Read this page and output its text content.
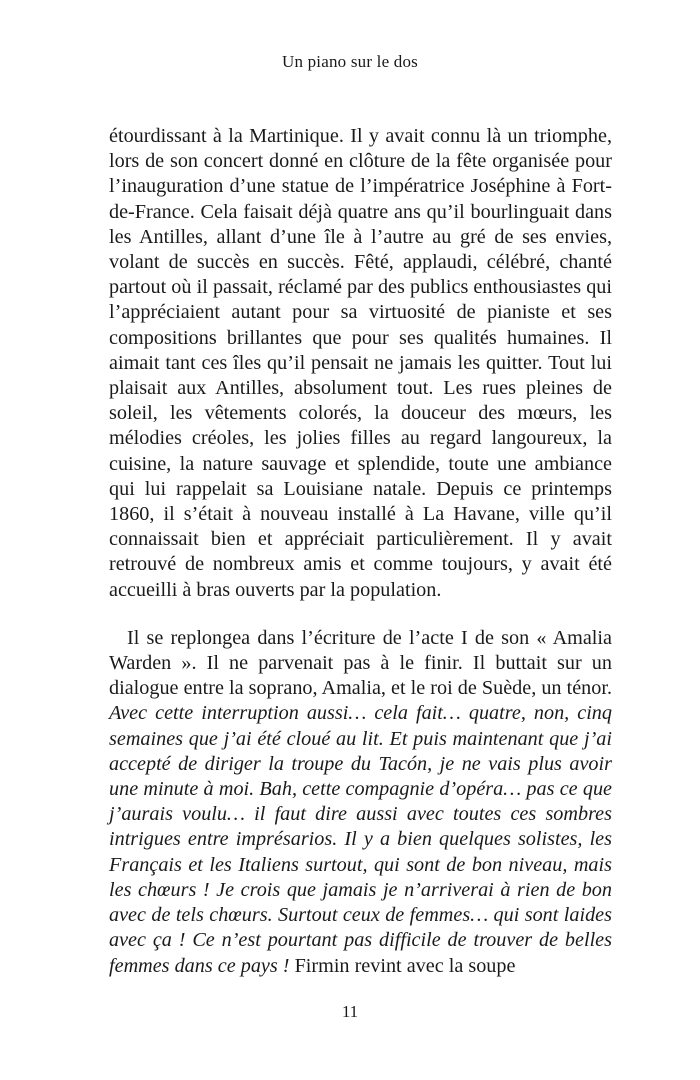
Un piano sur le dos

étourdissant à la Martinique. Il y avait connu là un triomphe, lors de son concert donné en clôture de la fête organisée pour l’inauguration d’une statue de l’impératrice Joséphine à Fort-de-France. Cela faisait déjà quatre ans qu’il bourlinguait dans les Antilles, allant d’une île à l’autre au gré de ses envies, volant de succès en succès. Fêté, applaudi, célébré, chanté partout où il passait, réclamé par des publics enthousiastes qui l’appréciaient autant pour sa virtuosité de pianiste et ses compositions brillantes que pour ses qualités humaines. Il aimait tant ces îles qu’il pensait ne jamais les quitter. Tout lui plaisait aux Antilles, absolument tout. Les rues pleines de soleil, les vêtements colorés, la douceur des mœurs, les mélodies créoles, les jolies filles au regard langoureux, la cuisine, la nature sauvage et splendide, toute une ambiance qui lui rappelait sa Louisiane natale. Depuis ce printemps 1860, il s’était à nouveau installé à La Havane, ville qu’il connaissait bien et appréciait particulièrement. Il y avait retrouvé de nombreux amis et comme toujours, y avait été accueilli à bras ouverts par la population.

Il se replongea dans l’écriture de l’acte I de son « Amalia Warden ». Il ne parvenait pas à le finir. Il buttait sur un dialogue entre la soprano, Amalia, et le roi de Suède, un ténor. Avec cette interruption aussi… cela fait… quatre, non, cinq semaines que j’ai été cloué au lit. Et puis maintenant que j’ai accepté de diriger la troupe du Tacón, je ne vais plus avoir une minute à moi. Bah, cette compagnie d’opéra… pas ce que j’aurais voulu… il faut dire aussi avec toutes ces sombres intrigues entre imprésarios. Il y a bien quelques solistes, les Français et les Italiens surtout, qui sont de bon niveau, mais les chœurs ! Je crois que jamais je n’arriverai à rien de bon avec de tels chœurs. Surtout ceux de femmes… qui sont laides avec ça ! Ce n’est pourtant pas difficile de trouver de belles femmes dans ce pays ! Firmin revint avec la soupe

11
